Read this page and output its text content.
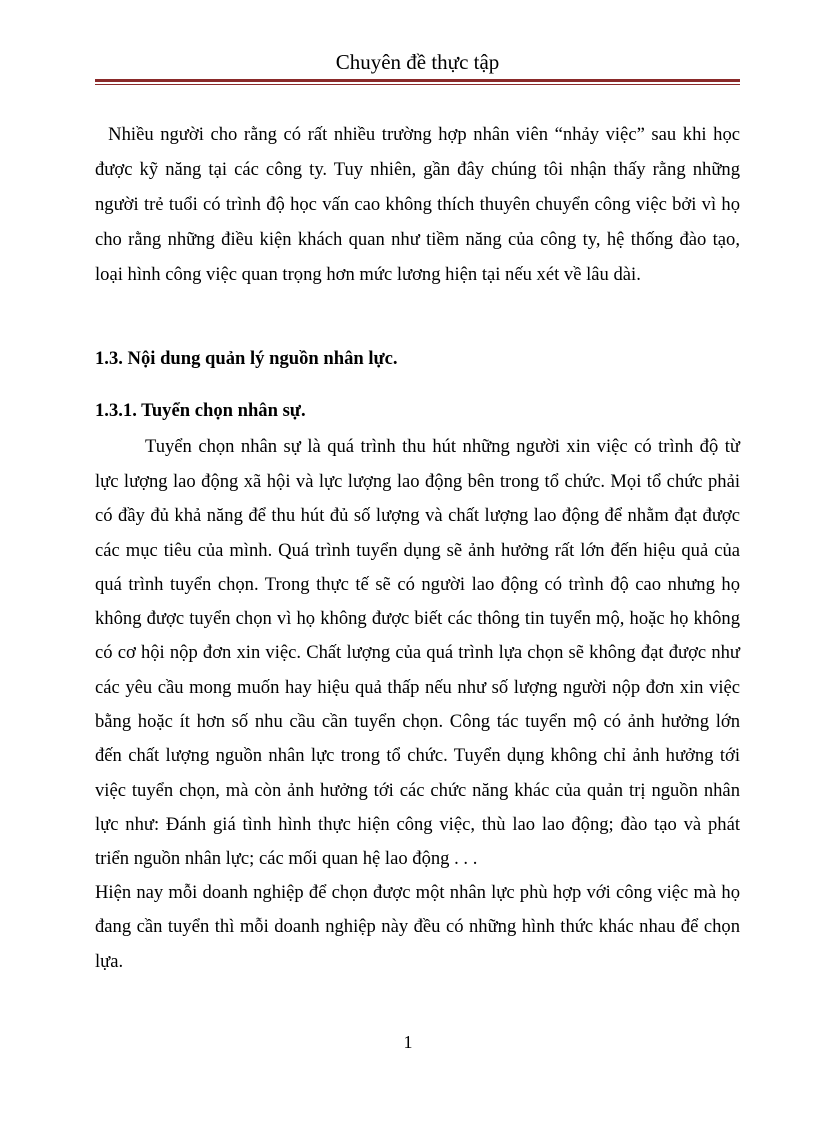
Chuyên đề thực tập
Nhiều người cho rằng có rất nhiều trường hợp nhân viên “nhảy việc” sau khi học
được kỹ năng tại các công ty. Tuy nhiên, gần đây chúng tôi nhận thấy rằng những
người trẻ tuổi có trình độ học vấn cao không thích thuyên chuyển công việc bởi vì họ
cho rằng những điều kiện khách quan như tiềm năng của công ty, hệ thống đào tạo,
loại hình công việc quan trọng hơn mức lương hiện tại nếu xét về lâu dài.
1.3. Nội dung quản lý nguồn nhân lực.
1.3.1. Tuyển chọn nhân sự.
Tuyển chọn nhân sự là quá trình thu hút những người xin việc có trình độ từ
lực lượng lao động xã hội và lực lượng lao động bên trong tổ chức. Mọi tổ chức phải
có đầy đủ khả năng để thu hút đủ số lượng và chất lượng lao động để nhằm đạt được
các mục tiêu của mình. Quá trình tuyển dụng sẽ ảnh hưởng rất lớn đến hiệu quả của
quá trình tuyển chọn. Trong thực tế sẽ có người lao động có trình độ cao nhưng họ
không được tuyển chọn vì họ không được biết các thông tin tuyển mộ, hoặc họ không
có cơ hội nộp đơn xin việc. Chất lượng của quá trình lựa chọn sẽ không đạt được như
các yêu cầu mong muốn hay hiệu quả thấp nếu như số lượng người nộp đơn xin việc
bằng hoặc ít hơn số nhu cầu cần tuyển chọn. Công tác tuyển mộ có ảnh hưởng lớn
đến chất lượng nguồn nhân lực trong tổ chức. Tuyển dụng không chỉ ảnh hưởng tới
việc tuyển chọn, mà còn ảnh hưởng tới các chức năng khác của quản trị nguồn nhân
lực như: Đánh giá tình hình thực hiện công việc, thù lao lao động; đào tạo và phát
triển nguồn nhân lực; các mối quan hệ lao động . . .
Hiện nay mỗi doanh nghiệp để chọn được một nhân lực phù hợp với công việc mà họ
đang cần tuyển thì mỗi doanh nghiệp này đều có những hình thức khác nhau để chọn
lựa.
1
